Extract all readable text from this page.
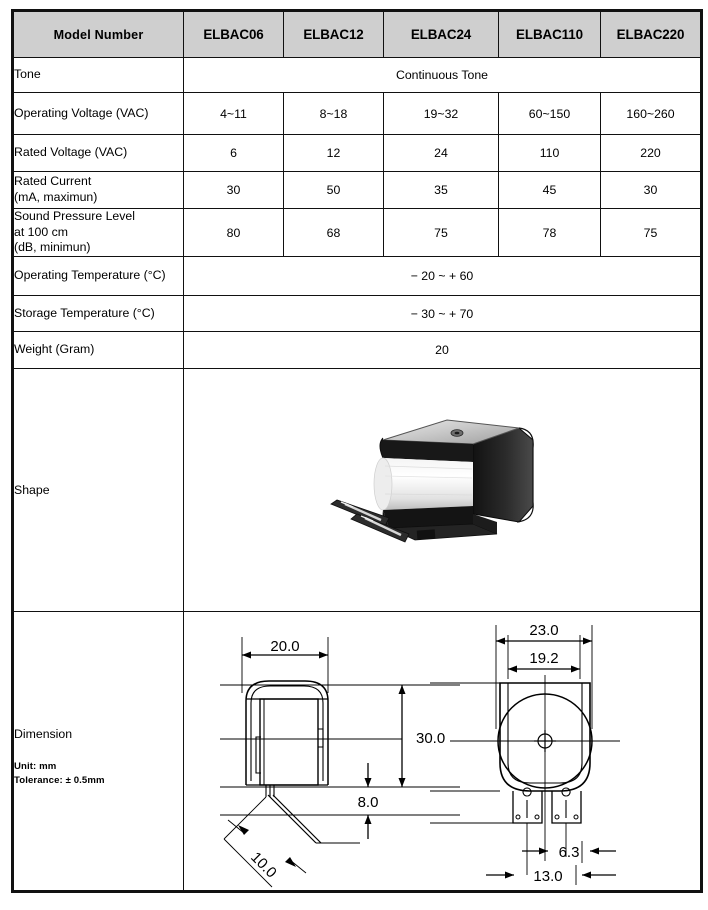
Model Number	ELBAC06	ELBAC12	ELBAC24	ELBAC110	ELBAC220
Tone	Continuous Tone				
Operating Voltage (VAC)	4~11	8~18	19~32	60~150	160~260
Rated Voltage (VAC)	6	12	24	110	220

Rated Current
(mA, maximun)	30	50	35	45	30

Sound Pressure Level
at 100 cm
(dB, minimun)	80	68	75	78	75
Operating Temperature (°C)	− 20 ~ + 60				
Storage Temperature (°C)	− 30 ~ + 70				
Weight (Gram)	20				
Shape	

Dimension
Unit: mm
Tolerance: ± 0.5mm

20.0
30.0
8.0
10.0
23.0
19.2
6.3
13.0
